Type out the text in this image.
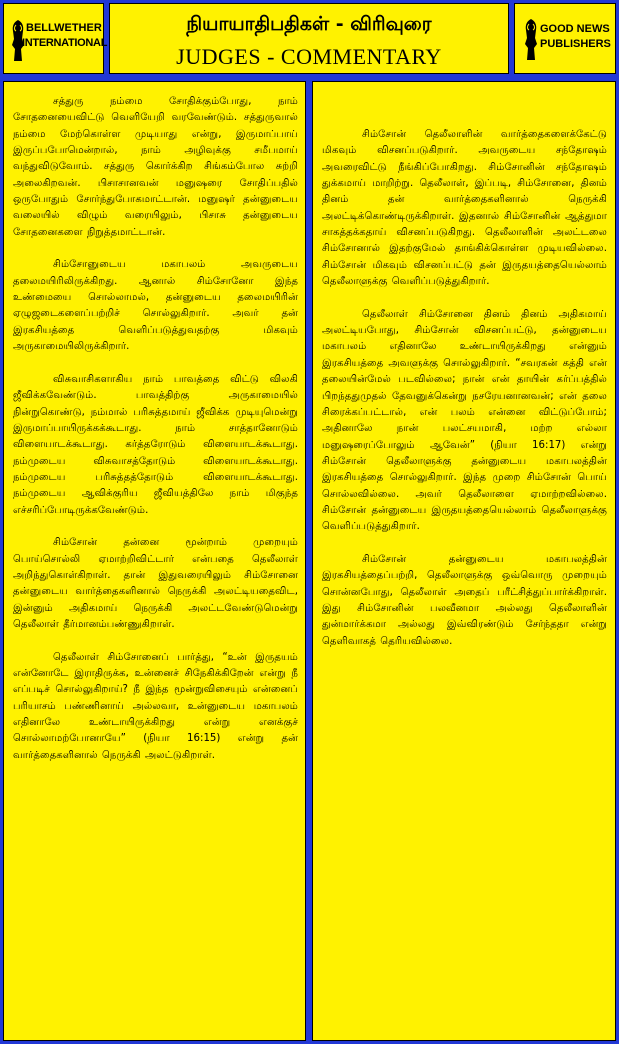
BELLWETHER
INTERNATIONAL
நியாயாதிபதிகள் - விரிவுரை
JUDGES - COMMENTARY
GOOD NEWS
PUBLISHERS

சத்துரு நம்மை சோதிக்கும்போது, நாம் சோதனையைவிட்டு வெளியேறி வரவேண்டும். சத்துருவால் நம்மை மேற்கொள்ள முடியாது என்று, இருமாப்பாய் இருப்பபோமென்றால், நாம் அழிவுக்கு சமீபமாய் வந்துவிடுவோம். சத்துரு கொர்க்கிற சிங்கம்போல சுற்றி அலைகிறவன். பிசாசானவன் மனுஷரை சோதிப்பதில் ஒருபோதும் சோர்ந்துபோகமாட்டான். மனுஷர் தன்னுடைய வலையில் விழும் வரையிலும், பிசாசு தன்னுடைய சோதனைகளை நிறுத்தமாட்டான்.

சிம்சோனுடைய மகாபலம் அவருடைய தலைமயிரிலிருக்கிறது. ஆனால் சிம்சோனோ இந்த உண்மையை சொல்லாமல், தன்னுடைய தலைமயிரின் ஏழுஜடைகளைப்பற்றிச் சொல்லுகிறார். அவர் தன் இரகசியத்தை வெளிப்படுத்துவதற்கு மிகவும் அருகாமையிலிருக்கிறார்.

விசுவாசிகளாகிய நாம் பாவத்தை விட்டு விலகி ஜீவிக்கவேண்டும். பாவத்திற்கு அருகாமையில் நின்றுகொண்டு, நம்மால் பரிசுத்தமாய் ஜீவிக்க முடியுமென்று இருமாப்பாயிருக்கக்கூடாது. நாம் சாத்தானோடும் விளையாடக்கூடாது. கர்த்தரோடும் விளையாடக்கூடாது. நம்முடைய விசுவாசத்தோடும் விளையாடக்கூடாது. நம்முடைய பரிசுத்தத்தோடும் விளையாடக்கூடாது. நம்முடைய ஆவிக்குரிய ஜீவியத்திலே நாம் மிகுந்த எச்சரிப்போடிருக்கவேண்டும்.

சிம்சோன் தன்னை மூன்றாம் முறையும் பொய்சொல்லி ஏமாற்றிவிட்டார் என்பதை தெலீலாள் அறிந்துகொள்கிறாள். தான் இதுவரையிலும் சிம்சோனை தன்னுடைய வார்த்தைகளினால் நெருக்கி அலட்டியதைவிட, இன்னும் அதிகமாய் நெருக்கி அலட்டவேண்டுமென்று தெலீலாள் தீர்மானம்பண்ணுகிறாள்.

தெலீலாள் சிம்சோனைப் பார்த்து, “உன் இருதயம் என்னோடே இராதிருக்க, உன்னைச் சிநேகிக்கிறேன் என்று நீ எப்படிச் சொல்லுகிறாய்? நீ இந்த மூன்றுவிசையும் என்னைப் பரியாசம் பண்ணினாய் அல்லவா, உன்னுடைய மகாபலம் எதினாலே உண்டாயிருக்கிறது என்று எனக்குச் சொல்லாமற்போனாயே” (நியா 16:15) என்று தன் வார்த்தைகளினால் நெருக்கி அலட்டுகிறாள்.

சிம்சோன் தெலீலாளின் வார்த்தைகளைக்கேட்டு மிகவும் விசனப்படுகிறார். அவருடைய சந்தோஷம் அவரைவிட்டு நீங்கிப்போகிறது. சிம்சோனின் சந்தோஷம் துக்கமாய் மாறிற்று. தெலீலாள், இப்படி, சிம்சோனை, தினம் தினம் தன் வார்த்தைகளினால் நெருக்கி அலட்டிக்கொண்டிருக்கிறாள். இதனால் சிம்சோனின் ஆத்துமா சாகத்தக்கதாய் விசனப்படுகிறது. தெலீலாளின் அலட்டலை சிம்சோனால் இதற்குமேல் தாங்கிக்கொள்ள முடியவில்லை. சிம்சோன் மிகவும் விசனப்பட்டு தன் இருதயத்தையெல்லாம் தெலீலாளுக்கு வெளிப்படுத்துகிறார்.

தெலீலாள் சிம்சோனை தினம் தினம் அதிகமாய் அலட்டியபோது, சிம்சோன் விசனப்பட்டு, தன்னுடைய மகாபலம் எதினாலே உண்டாயிருக்கிறது என்னும் இரகசியத்தை அவளுக்கு சொல்லுகிறார். “சவரகன் கத்தி என் தலையின்மேல் படவில்லை; நான் என் தாயின் கர்ப்பத்தில் பிறந்ததுமுதல் தேவனுக்கென்று நசரேயனானவன்; என் தலை சிரைக்கப்பட்டால், என் பலம் என்னை விட்டுப்போம்; அதினாலே நான் பலட்சயமாகி, மற்ற எல்லா மனுஷரைப்போலும் ஆவேன்” (நியா 16:17) என்று சிம்சோன் தெலீலாளுக்கு தன்னுடைய மகாபலத்தின் இரகசியத்தை சொல்லுகிறார். இந்த முறை சிம்சோன் பொய் சொல்லவில்லை. அவர் தெலீலாளை ஏமாற்றவில்லை. சிம்சோன் தன்னுடைய இருதயத்தையெல்லாம் தெலீலாளுக்கு வெளிப்படுத்துகிறார்.

சிம்சோன் தன்னுடைய மகாபலத்தின் இரகசியத்தைப்பற்றி, தெலீலாளுக்கு ஒவ்வொரு முறையும் சொன்னபோது, தெலீலாள் அதைப் பரீட்சித்துப்பார்க்கிறாள். இது சிம்சோனின் பலவீனமா அல்லது தெலீலாளின் துன்மார்க்கமா அல்லது இவ்விரண்டும் சேர்ந்ததா என்று தெளிவாகத் தெரியவில்லை.
